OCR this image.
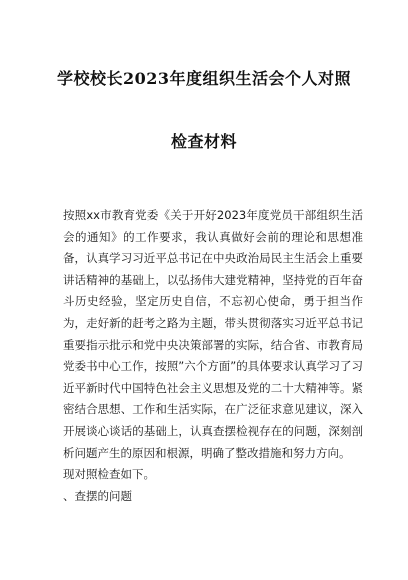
学校校长2023年度组织生活会个人对照
检查材料

按照xx市教育党委《关于开好2023年度党员干部组织生活会的通知》的工作要求，我认真做好会前的理论和思想准备，认真学习习近平总书记在中央政治局民主生活会上重要讲话精神的基础上，以弘扬伟大建党精神，坚持党的百年奋斗历史经验，坚定历史自信，不忘初心使命，勇于担当作为，走好新的赶考之路为主题，带头贯彻落实习近平总书记重要指示批示和党中央决策部署的实际，结合省、市教育局党委书中心工作，按照”六个方面”的具体要求认真学习了习近平新时代中国特色社会主义思想及党的二十大精神等。紧密结合思想、工作和生活实际，在广泛征求意见建议，深入开展谈心谈话的基础上，认真查摆检视存在的问题，深刻剖析问题产生的原因和根源，明确了整改措施和努力方向。

现对照检查如下。

、查摆的问题
